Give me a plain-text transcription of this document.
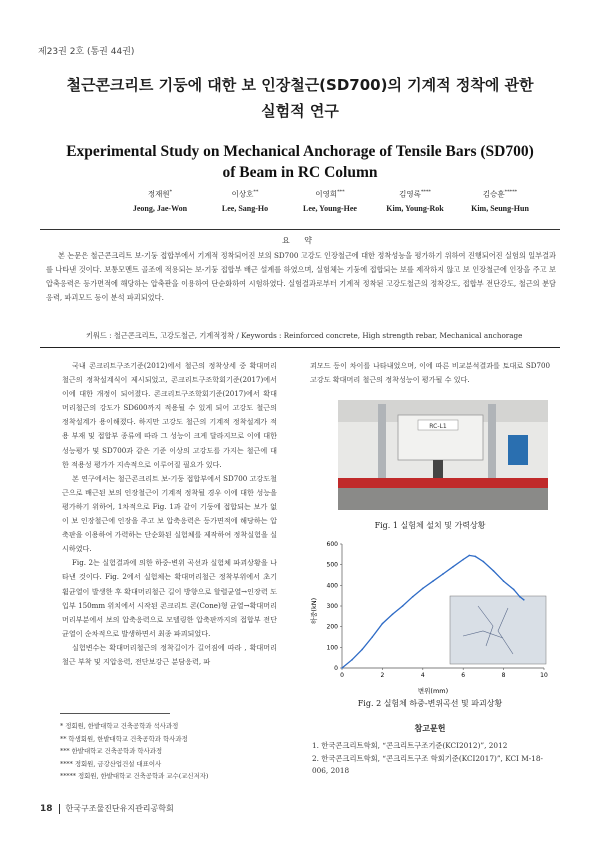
제23권 2호 (통권 44권)
철근콘크리트 기둥에 대한 보 인장철근(SD700)의 기계적 정착에 관한
실험적 연구
Experimental Study on Mechanical Anchorage of Tensile Bars (SD700)
of Beam in RC Column
정재원*
Jeong, Jae-Won
이상호**
Lee, Sang-Ho
이영희***
Lee, Young-Hee
김영록****
Kim, Young-Rok
김승훈*****
Kim, Seung-Hun
요 약
본 논문은 철근콘크리트 보-기둥 접합부에서 기계적 정착되어진 보의 SD700 고강도 인장철근에 대한 정착성능을 평가하기 위하여 진행되어진 실험의 일부결과를 나타낸 것이다. 보통모멘트 골조에 적용되는 보-기둥 접합부 배근 설계를 하였으며, 실험체는 기둥에 접합되는 보를 제작하지 않고 보 인장철근에 인장을 주고 보 압축응력은 등가면적에 해당하는 압축판을 이용하여 단순화하여 시험하였다. 실험결과로부터 기계적 정착된 고강도철근의 정착강도, 접합부 전단강도, 철근의 분담응력, 파괴모드 등이 분석 파괴되었다.
키워드 : 철근콘크리트, 고강도철근, 기계적정착 / Keywords : Reinforced concrete, High strength rebar, Mechanical anchorage

국내 콘크리트구조기준(2012)에서 철근의 정착상세 중 확대머리철근의 정착설계식이 제시되었고, 콘크리트구조학회기준(2017)에서 이에 대한 개정이 되어졌다. 콘크리트구조학회기준(2017)에서 확대머리철근의 강도가 SD600까지 적용될 수 있게 되어 고강도 철근의 정착설계가 용이해졌다. 하지만 고강도 철근의 기계적 정착설계가 적용 부재 및 접합부 종류에 따라 그 성능이 크게 달라지므로 이에 대한 성능평가 및 SD700과 같은 기준 이상의 고강도를 가지는 철근에 대한 적용성 평가가 지속적으로 이루어질 필요가 있다.

본 연구에서는 철근콘크리트 보-기둥 접합부에서 SD700 고강도철근으로 배근된 보의 인장철근이 기계적 정착될 경우 이에 대한 성능을 평가하기 위하여, 1차적으로 Fig. 1과 같이 기둥에 접합되는 보가 없이 보 인장철근에 인장을 주고 보 압축응력은 등가면적에 해당하는 압축판을 이용하여 가력하는 단순화된 실험체를 제작하여 정착실험을 실시하였다.

Fig. 2는 실험결과에 의한 하중-변위 곡선과 실험체 파괴상황을 나타낸 것이다. Fig. 2에서 실험체는 확대머리철근 정착부위에서 초기 휨균열이 발생한 후 확대머리철근 길이 방향으로 할렬균열→인장력 도입부 150mm 위치에서 시작된 콘크리트 콘(Cone)형 균열→확대머리 머리부분에서 보의 압축응력으로 모델링한 압축판까지의 접합부 전단균열이 순차적으로 발생하면서 최종 파괴되었다.

실험변수는 확대머리철근의 정착길이가 길어짐에 따라 , 확대머리철근 부착 및 지압응력, 전단보강근 분담응력, 파

* 정회원, 한밭대학교 건축공학과 석사과정
** 학생회원, 한밭대학교 건축공학과 학사과정
*** 한밭대학교 건축공학과 학사과정
**** 정회원, 금강산업건설 대표이사
***** 정회원, 한밭대학교 건축공학과 교수(교신저자)

괴모드 등이 차이를 나타내었으며, 이에 따른 비교분석결과를 토대로 SD700 고강도 확대머리 철근의 정착성능이 평가될 수 있다.

RC-L1
Fig. 1 실험체 설치 및 가력상황
0	2	4	6	8	10
0
100
200
300
400
500
600
변위(mm)
하중(kN)
Fig. 2 실험체 하중-변위곡선 및 파괴상황
참고문헌
1. 한국콘크리트학회, “콘크리트구조기준(KCI2012)”, 2012
2. 한국콘크리트학회, “콘크리트구조 학회기준(KCI2017)”, KCI M-18-006, 2018
18 한국구조물진단유지관리공학회
